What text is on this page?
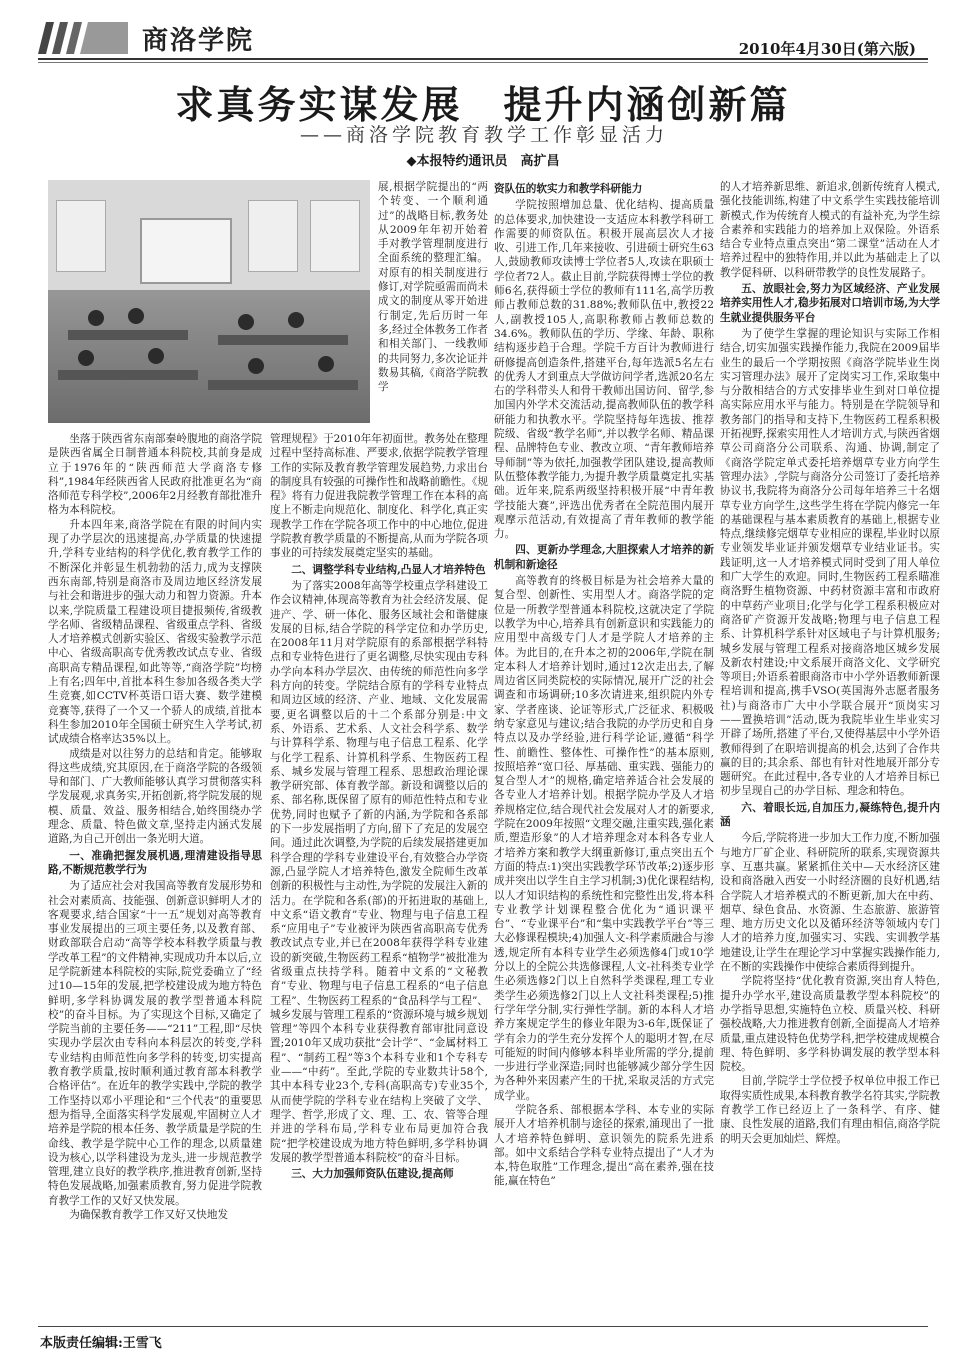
商洛学院	2010年4月30日(第六版)
求真务实谋发展　提升内涵创新篇
——商洛学院教育教学工作彰显活力
◆本报特约通讯员　高扩昌

展,根据学院提出的“两个转变、一个顺利通过”的战略目标,教务处从2009年年初开始着手对教学管理制度进行全面系统的整理汇编。对原有的相关制度进行修订,对学院亟需而尚未成文的制度从零开始进行制定,先后历时一年多,经过全体教务工作者和相关部门、一线教师的共同努力,多次论证并数易其稿,《商洛学院教学

坐落于陕西省东南部秦岭腹地的商洛学院是陕西省属全日制普通本科院校,其前身是成立于1976年的“陕西师范大学商洛专修科”,1984年经陕西省人民政府批准更名为“商洛师范专科学校”,2006年2月经教育部批准升格为本科院校。

升本四年来,商洛学院在有限的时间内实现了办学层次的迅速提高,办学质量的快速提升,学科专业结构的科学优化,教育教学工作的不断深化并彰显生机勃勃的活力,成为支撑陕西东南部,特别是商洛市及周边地区经济发展与社会和谐进步的强大动力和智力资源。升本以来,学院质量工程建设项目捷报频传,省级教学名师、省级精品课程、省级重点学科、省级人才培养模式创新实验区、省级实验教学示范中心、省级高职高专优秀教改试点专业、省级高职高专精品课程,如此等等,“商洛学院”均榜上有名;四年中,首批本科生参加各级各类大学生竞赛,如CCTV杯英语口语大赛、数学建模竞赛等,获得了一个又一个骄人的成绩,首批本科生参加2010年全国硕士研究生入学考试,初试成绩合格率达35%以上。

成绩是对以往努力的总结和肯定。能够取得这些成绩,究其原因,在于商洛学院的各级领导和部门、广大教师能够认真学习贯彻落实科学发展观,求真务实,开拓创新,将学院发展的规模、质量、效益、服务相结合,始终围绕办学理念、质量、特色做文章,坚持走内涵式发展道路,为自己开创出一条光明大道。

一、准确把握发展机遇,理清建设指导思路,不断规范教学行为

为了适应社会对我国高等教育发展形势和社会对素质高、技能强、创新意识鲜明人才的客观要求,结合国家“十一五”规划对高等教育事业发展提出的三项主要任务,以及教育部、财政部联合启动“高等学校本科教学质量与教学改革工程”的文件精神,实现成功升本以后,立足学院新建本科院校的实际,院党委确立了“经过10—15年的发展,把学校建设成为地方特色鲜明,多学科协调发展的教学型普通本科院校”的奋斗目标。为了实现这个目标,又确定了学院当前的主要任务——“211”工程,即“尽快实现办学层次由专科向本科层次的转变,学科专业结构由师范性向多学科的转变,切实提高教育教学质量,按时顺利通过教育部本科教学合格评估”。在近年的教学实践中,学院的教学工作坚持以邓小平理论和“三个代表”的重要思想为指导,全面落实科学发展观,牢固树立人才培养是学院的根本任务、教学质量是学院的生命线、教学是学院中心工作的理念,以质量建设为核心,以学科建设为龙头,进一步规范教学管理,建立良好的教学秩序,推进教育创新,坚持特色发展战略,加强素质教育,努力促进学院教育教学工作的又好又快发展。

为确保教育教学工作又好又快地发

管理规程》于2010年年初面世。教务处在整理过程中坚持高标准、严要求,依据学院教学管理工作的实际及教育教学管理发展趋势,力求出台的制度具有较强的可操作性和战略前瞻性。《规程》将有力促进我院教学管理工作在本科的高度上不断走向规范化、制度化、科学化,真正实现教学工作在学院各项工作中的中心地位,促进学院教育教学质量的不断提高,从而为学院各项事业的可持续发展奠定坚实的基础。

二、调整学科专业结构,凸显人才培养特色

为了落实2008年高等学校重点学科建设工作会议精神,体现高等教育为社会经济发展、促进产、学、研一体化、服务区域社会和谐健康发展的目标,结合学院的科学定位和办学历史,在2008年11月对学院原有的系部根据学科特点和专业特色进行了更名调整,尽快实现由专科办学向本科办学层次、由传统的师范性向多学科方向的转变。学院结合原有的学科专业特点和周边区域的经济、产业、地域、文化发展需要,更名调整以后的十二个系部分别是:中文系、外语系、艺术系、人文社会科学系、数学与计算科学系、物理与电子信息工程系、化学与化学工程系、计算机科学系、生物医药工程系、城乡发展与管理工程系、思想政治理论课教学研究部、体育教学部。新设和调整以后的系、部名称,既保留了原有的师范性特点和专业优势,同时也赋予了新的内涵,为学院和各系部的下一步发展指明了方向,留下了充足的发展空间。通过此次调整,为学院的后续发展搭建更加科学合理的学科专业建设平台,有效整合办学资源,凸显学院人才培养特色,激发全院师生改革创新的积极性与主动性,为学院的发展注入新的活力。在学院和各系(部)的开拓进取的基础上,中文系“语文教育”专业、物理与电子信息工程系“应用电子”专业被评为陕西省高职高专优秀教改试点专业,并已在2008年获得学科专业建设的新突破,生物医药工程系“植物学”被批准为省级重点扶持学科。随着中文系的“文秘教育”专业、物理与电子信息工程系的“电子信息工程”、生物医药工程系的“食品科学与工程”、城乡发展与管理工程系的“资源环境与城乡规划管理”等四个本科专业获得教育部审批同意设置;2010年又成功获批“会计学”、“金属材料工程”、“制药工程”等3个本科专业和1个专科专业——“中药”。至此,学院的专业数共计58个,其中本科专业23个,专科(高职高专)专业35个,从而使学院的学科专业在结构上突破了文学、理学、哲学,形成了文、理、工、农、管等合理并进的学科布局,学科专业布局更加符合我院“把学校建设成为地方特色鲜明,多学科协调发展的教学型普通本科院校”的奋斗目标。

三、大力加强师资队伍建设,提高师
资队伍的软实力和教学科研能力

学院按照增加总量、优化结构、提高质量的总体要求,加快建设一支适应本科教学科研工作需要的师资队伍。积极开展高层次人才接收、引进工作,几年来接收、引进硕士研究生63人,鼓励教师攻读博士学位者5人,攻读在职硕士学位者72人。截止目前,学院获得博士学位的教师6名,获得硕士学位的教师有111名,高学历教师占教师总数的31.88%;教师队伍中,教授22人,副教授105人,高职称教师占教师总数的34.6%。教师队伍的学历、学缘、年龄、职称结构逐步趋于合理。学院千方百计为教师进行研修提高创造条件,搭建平台,每年选派5名左右的优秀人才到重点大学做访问学者,选派20名左右的学科带头人和骨干教师出国访问、留学,参加国内外学术交流活动,提高教师队伍的教学科研能力和执教水平。学院坚持每年选拔、推荐院级、省级“教学名师”,并以教学名师、精品课程、品牌特色专业、教改立项、“青年教师培养导师制”等为依托,加强教学团队建设,提高教师队伍整体教学能力,为提升教学质量奠定扎实基础。近年来,院系两级坚持积极开展“中青年教学技能大赛”,评选出优秀者在全院范围内展开观摩示范活动,有效提高了青年教师的教学能力。

四、更新办学理念,大胆探索人才培养的新机制和新途径

高等教育的终极目标是为社会培养大量的复合型、创新性、实用型人才。商洛学院的定位是一所教学型普通本科院校,这就决定了学院以教学为中心,培养具有创新意识和实践能力的应用型中高级专门人才是学院人才培养的主体。为此目的,在升本之初的2006年,学院在制定本科人才培养计划时,通过12次走出去,了解周边省区同类院校的实际情况,展开广泛的社会调查和市场调研;10多次请进来,组织院内外专家、学者座谈、论证等形式,广泛征求、积极吸纳专家意见与建议;结合我院的办学历史和自身特点以及办学经验,进行科学论证,遵循“科学性、前瞻性、整体性、可操作性”的基本原则,按照培养“宽口径、厚基础、重实践、强能力的复合型人才”的规格,确定培养适合社会发展的各专业人才培养计划。根据学院办学及人才培养规格定位,结合现代社会发展对人才的新要求,学院在2009年按照“文理交融,注重实践,强化素质,塑造形象”的人才培养理念对本科各专业人才培养方案和教学大纲重新修订,重点突出五个方面的特点:1)突出实践教学环节改革;2)逐步形成并突出以学生自主学习机制;3)优化课程结构,以人才知识结构的系统性和完整性出发,将本科专业教学计划课程整合优化为“通识课平台”、“专业课平台”和“集中实践教学平台”等三大必修课程模块;4)加强人文-科学素质融合与渗透,规定所有本科专业学生必须选修4门或10学分以上的全院公共选修课程,人文-社科类专业学生必须选修2门以上自然科学类课程,理工专业类学生必须选修2门以上人文社科类课程;5)推行学年学分制,实行弹性学制。新的本科人才培养方案规定学生的修业年限为3-6年,既保证了学有余力的学生充分发挥个人的聪明才智,在尽可能短的时间内修够本科毕业所需的学分,提前一步进行学业深造;同时也能够减少部分学生因为各种外来因素产生的干扰,采取灵活的方式完成学业。

学院各系、部根据本学科、本专业的实际展开人才培养机制与途径的探索,涌现出了一批人才培养特色鲜明、意识领先的院系先进系部。如中文系结合学科专业特点提出了“人才为本,特色取胜”工作理念,提出“高在素养,强在技能,赢在特色”

的人才培养新思维、新追求,创新传统育人模式,强化技能训练,构建了中文系学生实践技能培训新模式,作为传统育人模式的有益补充,为学生综合素养和实践能力的培养加上双保险。外语系结合专业特点重点突出“第二课堂”活动在人才培养过程中的独特作用,并以此为基础走上了以教学促科研、以科研带教学的良性发展路子。

五、放眼社会,努力为区域经济、产业发展培养实用性人才,稳步拓展对口培训市场,为大学生就业提供服务平台

为了使学生掌握的理论知识与实际工作相结合,切实加强实践操作能力,我院在2009届毕业生的最后一个学期按照《商洛学院毕业生岗实习管理办法》展开了定岗实习工作,采取集中与分散相结合的方式安排毕业生到对口单位提高实际应用水平与能力。特别是在学院领导和教务部门的指导和支持下,生物医药工程系积极开拓视野,探索实用性人才培训方式,与陕西省烟草公司商洛分公司联系、沟通、协调,制定了《商洛学院定单式委托培养烟草专业方向学生管理办法》,学院与商洛分公司签订了委托培养协议书,我院将为商洛分公司每年培养三十名烟草专业方向学生,这些学生将在学院内修完一年的基础课程与基本素质教育的基础上,根据专业特点,继续修完烟草专业相应的课程,毕业时以原专业领发毕业证并颁发烟草专业结业证书。实践证明,这一人才培养模式同时受到了用人单位和广大学生的欢迎。同时,生物医药工程系瞄准商洛野生植物资源、中药材资源丰富和市政府的中草药产业项目;化学与化学工程系积极应对商洛矿产资源开发战略;物理与电子信息工程系、计算机科学系针对区域电子与计算机服务;城乡发展与管理工程系对接商洛地区城乡发展及新农村建设;中文系展开商洛文化、文学研究等项目;外语系着眼商洛市中小学外语教师新课程培训和提高,携手VSO(英国海外志愿者服务社)与商洛市广大中小学联合展开“顶岗实习——置换培训”活动,既为我院毕业生毕业实习开辟了场所,搭建了平台,又使得基层中小学外语教师得到了在职培训提高的机会,达到了合作共赢的目的;其余系、部也有针对性地展开部分专题研究。在此过程中,各专业的人才培养目标已初步呈现自己的办学目标、理念和特色。

六、着眼长远,自加压力,凝练特色,提升内涵

今后,学院将进一步加大工作力度,不断加强与地方厂矿企业、科研院所的联系,实现资源共享、互惠共赢。紧紧抓住关中—天水经济区建设和商洛融入西安一小时经济圈的良好机遇,结合学院人才培养模式的不断更新,加大在中药、烟草、绿色食品、水资源、生态旅游、旅游管理、地方历史文化以及循环经济等领域内专门人才的培养力度,加强实习、实践、实训教学基地建设,让学生在理论学习中掌握实践操作能力,在不断的实践操作中使综合素质得到提升。

学院将坚持“优化教育资源,突出育人特色,提升办学水平,建设高质量教学型本科院校”的办学指导思想,实施特色立校、质量兴校、科研强校战略,大力推进教育创新,全面提高人才培养质量,重点建设特色优势学科,把学校建成规模合理、特色鲜明、多学科协调发展的教学型本科院校。

目前,学院学士学位授予权单位申报工作已取得实质性成果,本科教育教学名符其实,学院教育教学工作已经迈上了一条科学、有序、健康、良性发展的道路,我们有理由相信,商洛学院的明天会更加灿烂、辉煌。

本版责任编辑:王雪飞
